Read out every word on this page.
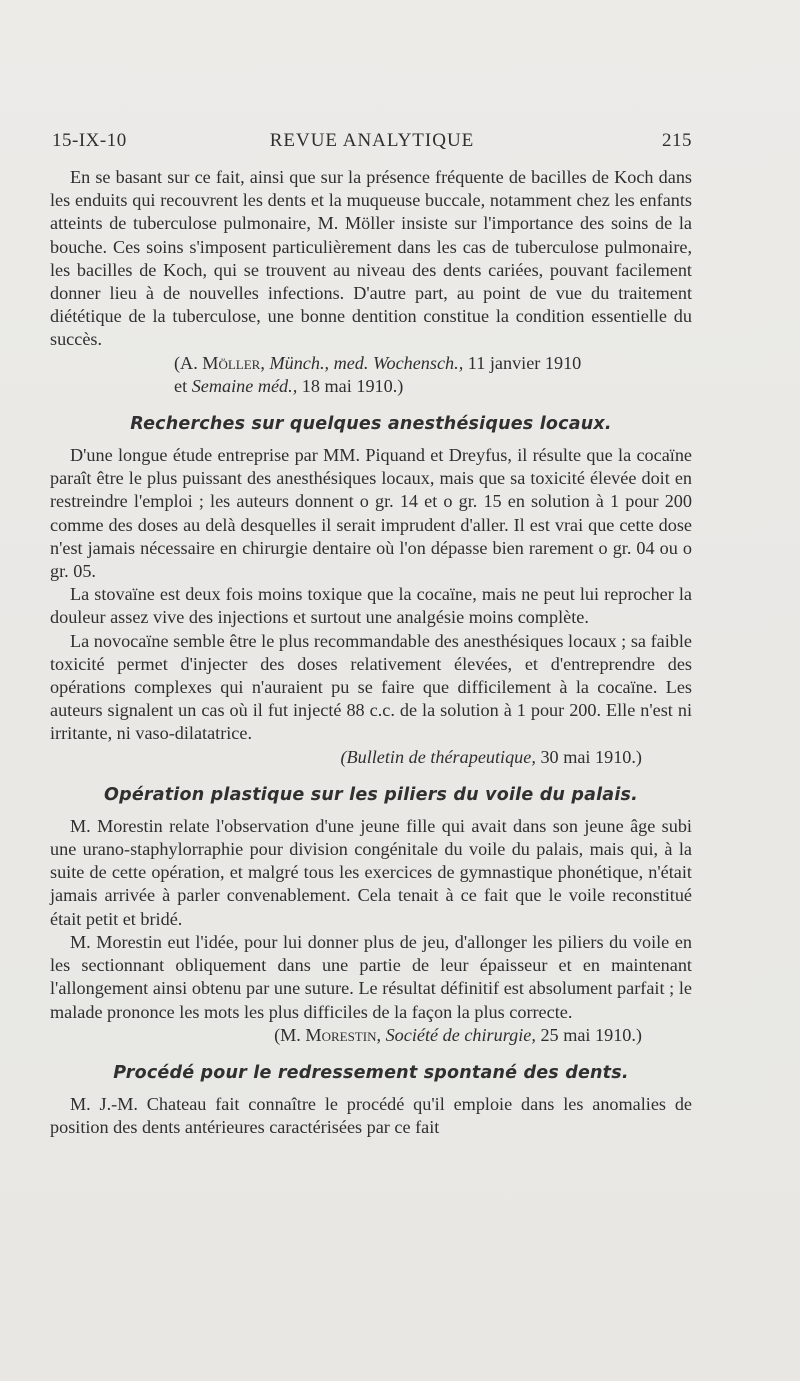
15-IX-10	REVUE ANALYTIQUE	215

En se basant sur ce fait, ainsi que sur la présence fréquente de bacilles de Koch dans les enduits qui recouvrent les dents et la muqueuse buccale, notamment chez les enfants atteints de tuberculose pulmonaire, M. Möller insiste sur l'importance des soins de la bouche. Ces soins s'imposent particulièrement dans les cas de tuberculose pulmonaire, les bacilles de Koch, qui se trouvent au niveau des dents cariées, pouvant facilement donner lieu à de nouvelles infections. D'autre part, au point de vue du traitement diététique de la tuberculose, une bonne dentition constitue la condition essentielle du succès.

(A. Möller, Münch., med. Wochensch., 11 janvier 1910
et Semaine méd., 18 mai 1910.)

Recherches sur quelques anesthésiques locaux.

D'une longue étude entreprise par MM. Piquand et Dreyfus, il résulte que la cocaïne paraît être le plus puissant des anesthésiques locaux, mais que sa toxicité élevée doit en restreindre l'emploi ; les auteurs donnent o gr. 14 et o gr. 15 en solution à 1 pour 200 comme des doses au delà desquelles il serait imprudent d'aller. Il est vrai que cette dose n'est jamais nécessaire en chirurgie dentaire où l'on dépasse bien rarement o gr. 04 ou o gr. 05.

La stovaïne est deux fois moins toxique que la cocaïne, mais ne peut lui reprocher la douleur assez vive des injections et surtout une analgésie moins complète.

La novocaïne semble être le plus recommandable des anesthésiques locaux ; sa faible toxicité permet d'injecter des doses relativement élevées, et d'entreprendre des opérations complexes qui n'auraient pu se faire que difficilement à la cocaïne. Les auteurs signalent un cas où il fut injecté 88 c.c. de la solution à 1 pour 200. Elle n'est ni irritante, ni vaso-dilatatrice.

(Bulletin de thérapeutique, 30 mai 1910.)

Opération plastique sur les piliers du voile du palais.

M. Morestin relate l'observation d'une jeune fille qui avait dans son jeune âge subi une urano-staphylorraphie pour division congénitale du voile du palais, mais qui, à la suite de cette opération, et malgré tous les exercices de gymnastique phonétique, n'était jamais arrivée à parler convenablement. Cela tenait à ce fait que le voile reconstitué était petit et bridé.

M. Morestin eut l'idée, pour lui donner plus de jeu, d'allonger les piliers du voile en les sectionnant obliquement dans une partie de leur épaisseur et en maintenant l'allongement ainsi obtenu par une suture. Le résultat définitif est absolument parfait ; le malade prononce les mots les plus difficiles de la façon la plus correcte.

(M. Morestin, Société de chirurgie, 25 mai 1910.)

Procédé pour le redressement spontané des dents.

M. J.-M. Chateau fait connaître le procédé qu'il emploie dans les anomalies de position des dents antérieures caractérisées par ce fait
